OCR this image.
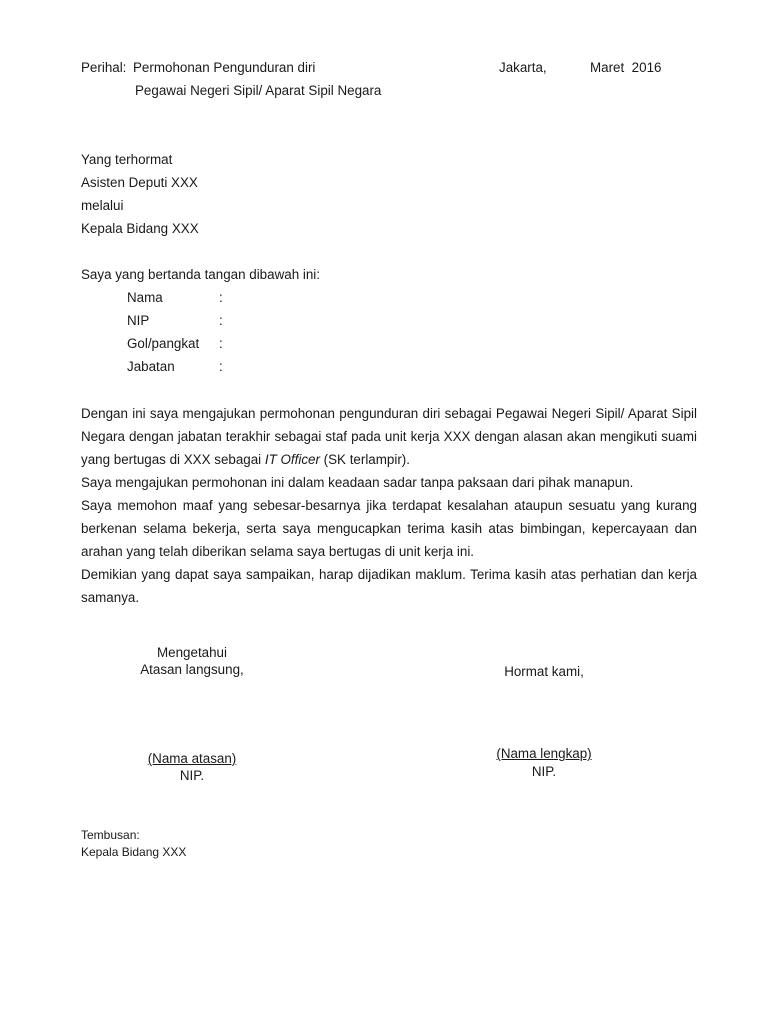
Perihal: Permohonan Pengunduran diri
Pegawai Negeri Sipil/ Aparat Sipil Negara
Jakarta,	Maret  2016
Yang terhormat
Asisten Deputi XXX
melalui
Kepala Bidang XXX
Saya yang bertanda tangan dibawah ini:
Nama	:
NIP	:
Gol/pangkat :
Jabatan	:

Dengan ini saya mengajukan permohonan pengunduran diri sebagai Pegawai Negeri Sipil/ Aparat Sipil Negara dengan jabatan terakhir sebagai staf pada unit kerja XXX dengan alasan akan mengikuti suami yang bertugas di XXX sebagai IT Officer (SK terlampir).

Saya mengajukan permohonan ini dalam keadaan sadar tanpa paksaan dari pihak manapun.

Saya memohon maaf yang sebesar-besarnya jika terdapat kesalahan ataupun sesuatu yang kurang berkenan selama bekerja, serta saya mengucapkan terima kasih atas bimbingan, kepercayaan dan arahan yang telah diberikan selama saya bertugas di unit kerja ini.

Demikian yang dapat saya sampaikan, harap dijadikan maklum. Terima kasih atas perhatian dan kerja samanya.

Mengetahui
Atasan langsung,
(Nama atasan)
NIP.
Hormat kami,
(Nama lengkap)
NIP.
Tembusan:
Kepala Bidang XXX
